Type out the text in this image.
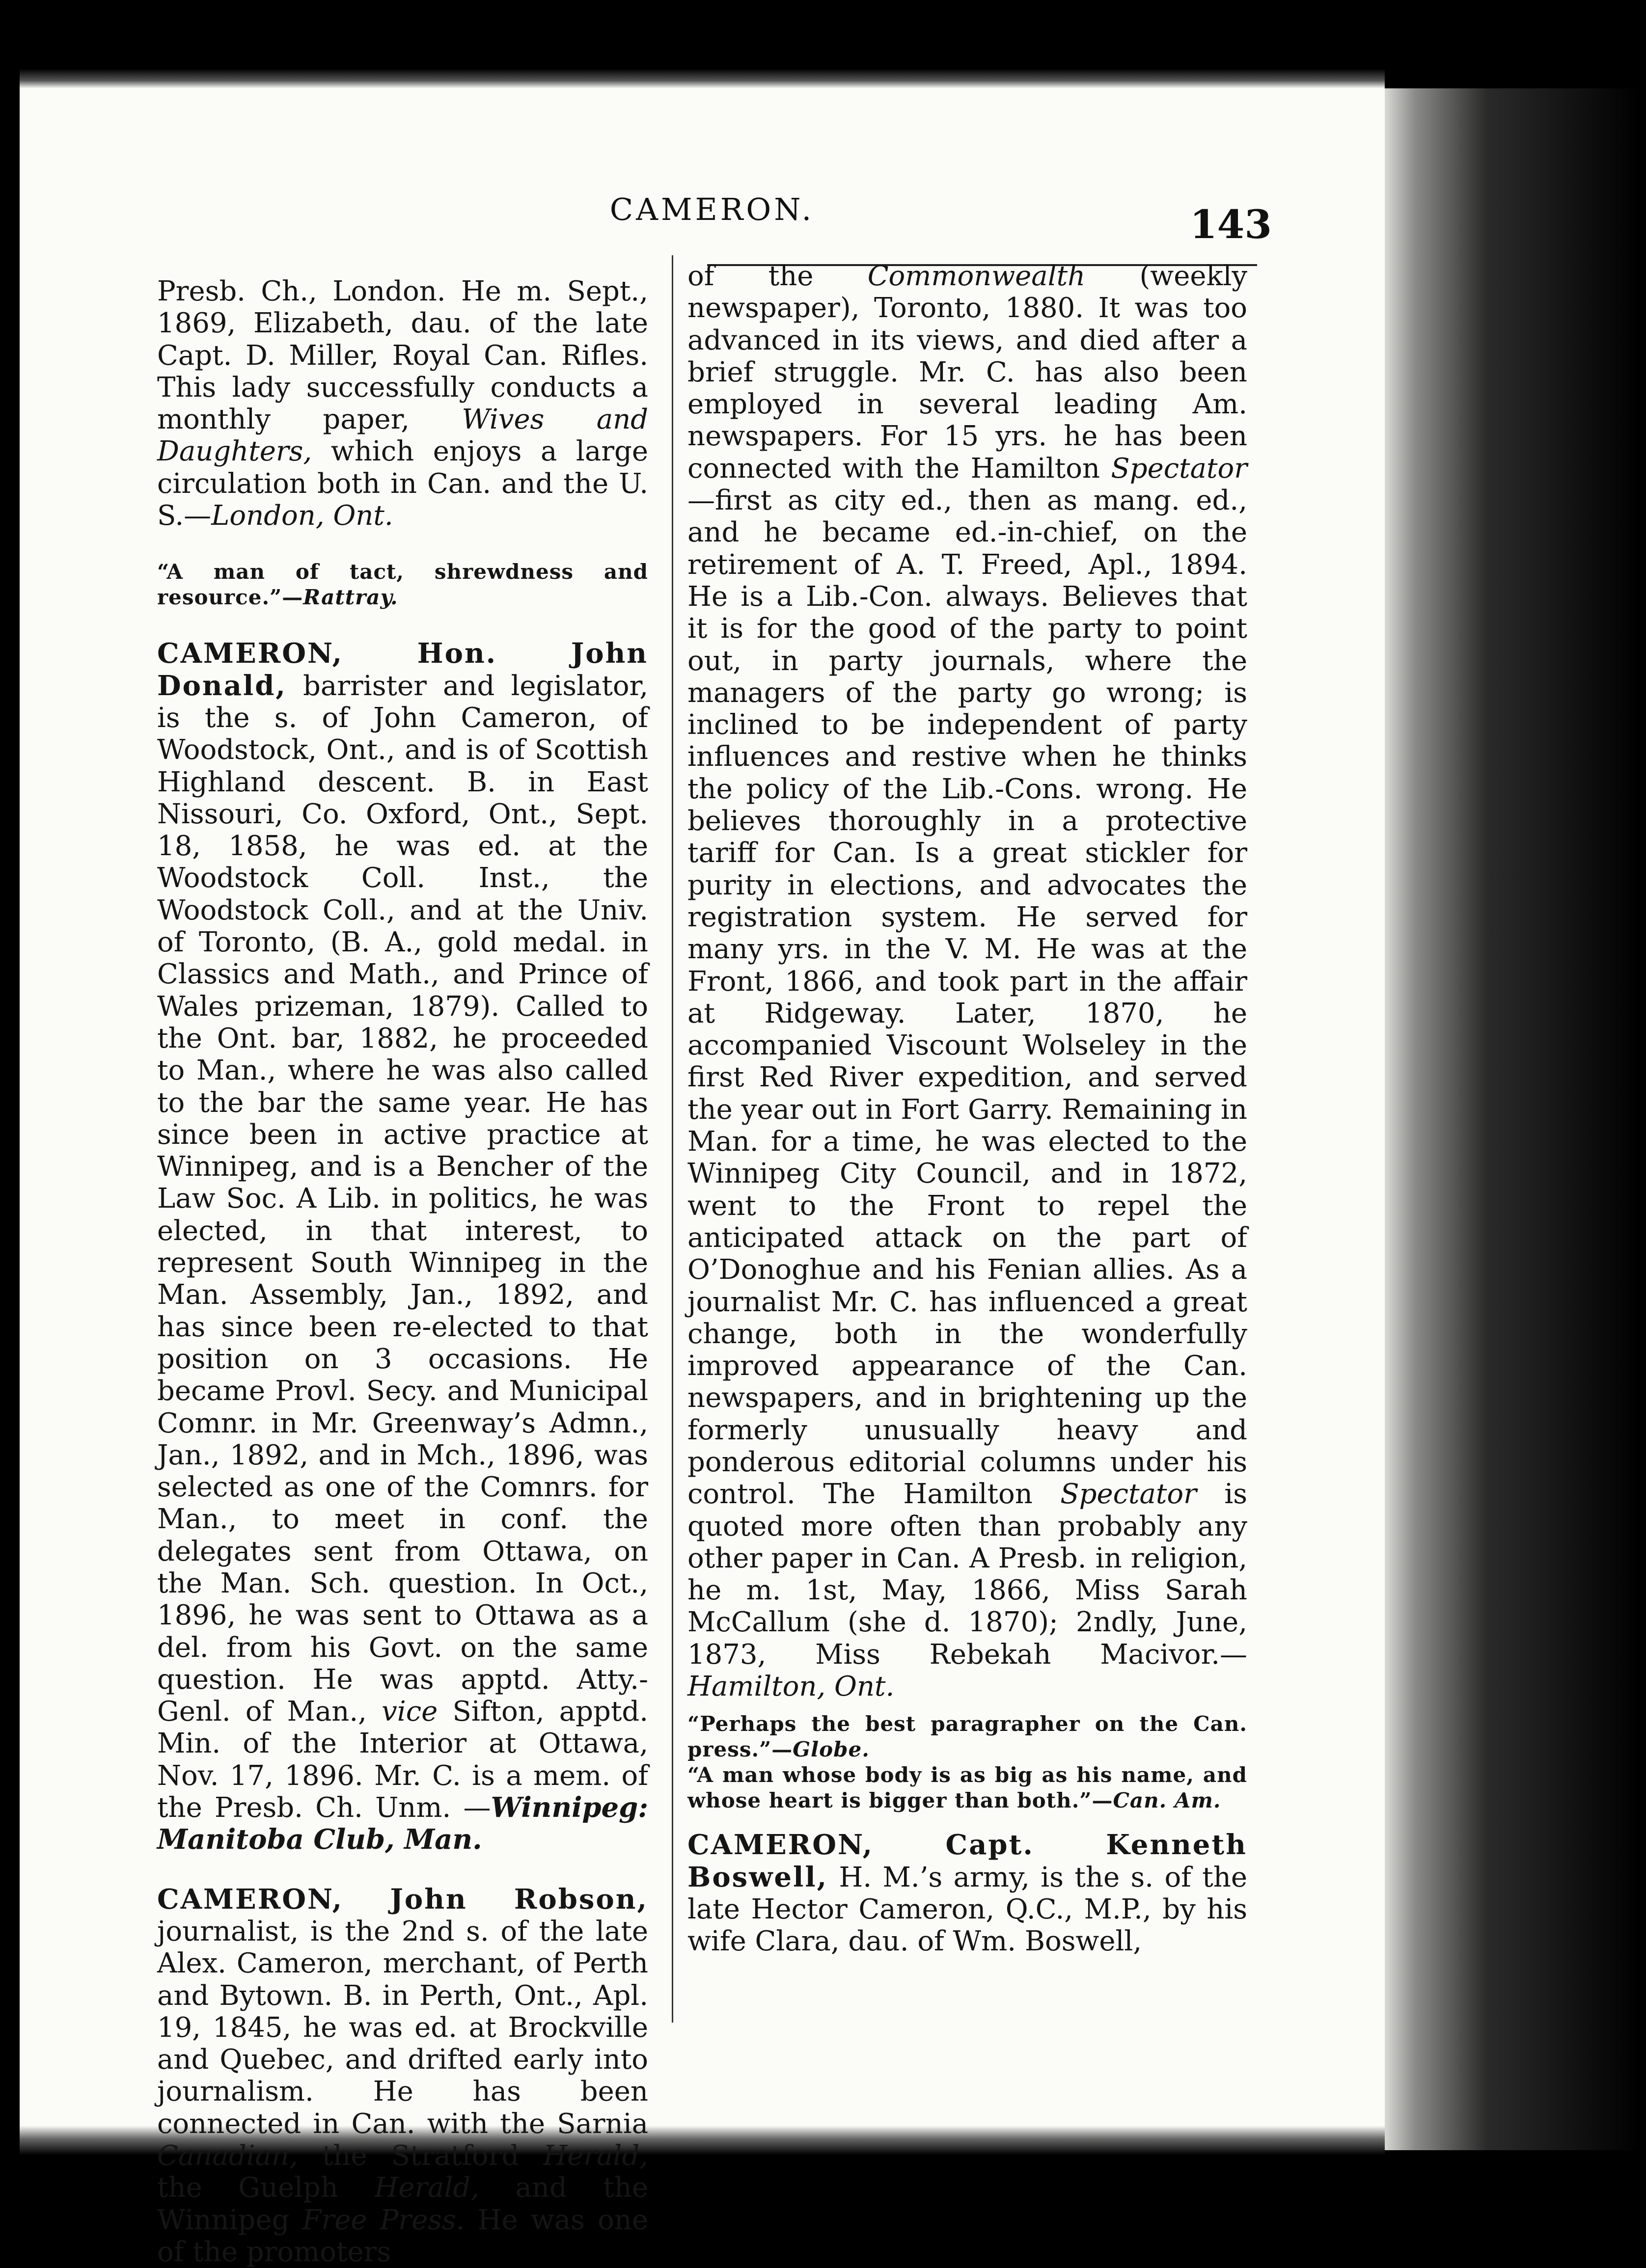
CAMERON.	143

Presb. Ch., London. He m. Sept., 1869, Elizabeth, dau. of the late Capt. D. Miller, Royal Can. Rifles. This lady successfully conducts a monthly paper, Wives and Daughters, which enjoys a large circulation both in Can. and the U. S.—London, Ont.

“A man of tact, shrewdness and resource.”—Rattray.

CAMERON, Hon. John Donald, barrister and legislator, is the s. of John Cameron, of Woodstock, Ont., and is of Scottish Highland descent. B. in East Nissouri, Co. Oxford, Ont., Sept. 18, 1858, he was ed. at the Woodstock Coll. Inst., the Woodstock Coll., and at the Univ. of Toronto, (B. A., gold medal. in Classics and Math., and Prince of Wales prizeman, 1879). Called to the Ont. bar, 1882, he proceeded to Man., where he was also called to the bar the same year. He has since been in active practice at Winnipeg, and is a Bencher of the Law Soc. A Lib. in politics, he was elected, in that interest, to represent South Winnipeg in the Man. Assembly, Jan., 1892, and has since been re-elected to that position on 3 occasions. He became Provl. Secy. and Municipal Comnr. in Mr. Greenway’s Admn., Jan., 1892, and in Mch., 1896, was selected as one of the Comnrs. for Man., to meet in conf. the delegates sent from Ottawa, on the Man. Sch. question. In Oct., 1896, he was sent to Ottawa as a del. from his Govt. on the same question. He was apptd. Atty.-Genl. of Man., vice Sifton, apptd. Min. of the Interior at Ottawa, Nov. 17, 1896. Mr. C. is a mem. of the Presb. Ch. Unm. —Winnipeg: Manitoba Club, Man.

CAMERON, John Robson, journalist, is the 2nd s. of the late Alex. Cameron, merchant, of Perth and Bytown. B. in Perth, Ont., Apl. 19, 1845, he was ed. at Brockville and Quebec, and drifted early into journalism. He has been connected in Can. with the Sarnia Canadian, the Stratford Herald, the Guelph Herald, and the Winnipeg Free Press. He was one of the promoters

of the Commonwealth (weekly newspaper), Toronto, 1880. It was too advanced in its views, and died after a brief struggle. Mr. C. has also been employed in several leading Am. newspapers. For 15 yrs. he has been connected with the Hamilton Spectator—first as city ed., then as mang. ed., and he became ed.-in-chief, on the retirement of A. T. Freed, Apl., 1894. He is a Lib.-Con. always. Believes that it is for the good of the party to point out, in party journals, where the managers of the party go wrong; is inclined to be independent of party influences and restive when he thinks the policy of the Lib.-Cons. wrong. He believes thoroughly in a protective tariff for Can. Is a great stickler for purity in elections, and advocates the registration system. He served for many yrs. in the V. M. He was at the Front, 1866, and took part in the affair at Ridgeway. Later, 1870, he accompanied Viscount Wolseley in the first Red River expedition, and served the year out in Fort Garry. Remaining in Man. for a time, he was elected to the Winnipeg City Council, and in 1872, went to the Front to repel the anticipated attack on the part of O’Donoghue and his Fenian allies. As a journalist Mr. C. has influenced a great change, both in the wonderfully improved appearance of the Can. newspapers, and in brightening up the formerly unusually heavy and ponderous editorial columns under his control. The Hamilton Spectator is quoted more often than probably any other paper in Can. A Presb. in religion, he m. 1st, May, 1866, Miss Sarah McCallum (she d. 1870); 2ndly, June, 1873, Miss Rebekah Macivor.—Hamilton, Ont.

“Perhaps the best paragrapher on the Can. press.”—Globe.

“A man whose body is as big as his name, and whose heart is bigger than both.”—Can. Am.

CAMERON, Capt. Kenneth Boswell, H. M.’s army, is the s. of the late Hector Cameron, Q.C., M.P., by his wife Clara, dau. of Wm. Boswell,
